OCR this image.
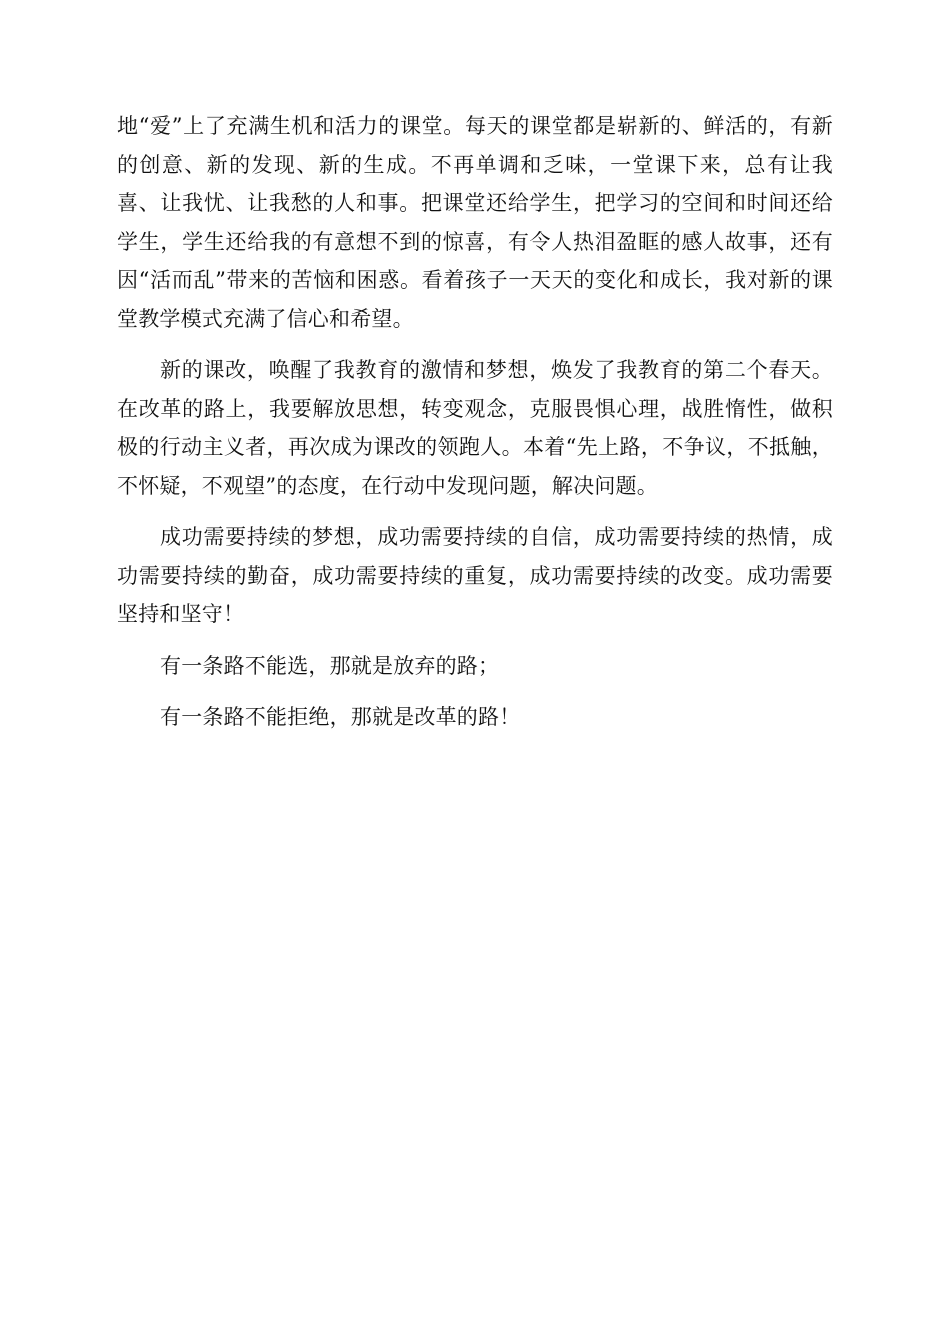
地“爱”上了充满生机和活力的课堂。每天的课堂都是崭新的、鲜活的，有新的创意、新的发现、新的生成。不再单调和乏味，一堂课下来，总有让我喜、让我忧、让我愁的人和事。把课堂还给学生，把学习的空间和时间还给学生，学生还给我的有意想不到的惊喜，有令人热泪盈眶的感人故事，还有因“活而乱”带来的苦恼和困惑。看着孩子一天天的变化和成长，我对新的课堂教学模式充满了信心和希望。

新的课改，唤醒了我教育的激情和梦想，焕发了我教育的第二个春天。在改革的路上，我要解放思想，转变观念，克服畏惧心理，战胜惰性，做积极的行动主义者，再次成为课改的领跑人。本着“先上路，不争议，不抵触，不怀疑，不观望”的态度，在行动中发现问题，解决问题。

成功需要持续的梦想，成功需要持续的自信，成功需要持续的热情，成功需要持续的勤奋，成功需要持续的重复，成功需要持续的改变。成功需要坚持和坚守！

有一条路不能选，那就是放弃的路；

有一条路不能拒绝，那就是改革的路！
